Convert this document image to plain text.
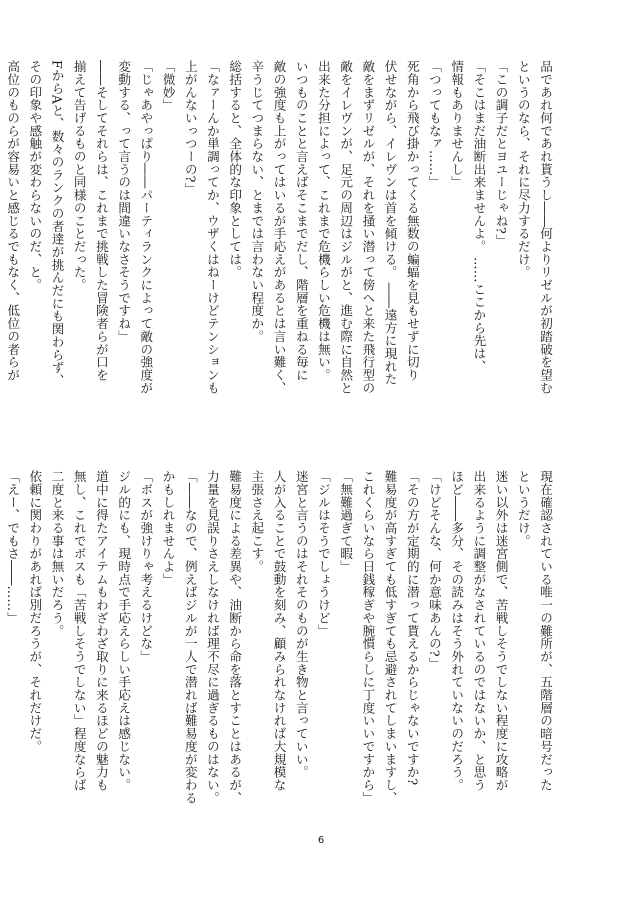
品であれ何であれ貰うし――何よりリゼルが初踏破を望む

というのなら、それに尽力するだけ。

「この調子だとヨユーじゃね?」

「そこはまだ油断出来ませんよ。 ……ここから先は、

情報もありませんし」

「つってもなァ……」

死角から飛び掛かってくる無数の蝙蝠を見もせずに切り

伏せながら、イレヴンは首を傾ける。 ――遠方に現れた

敵をまずリゼルが、それを掻い潜って傍へと来た飛行型の

敵をイレヴンが、足元の周辺はジルがと、進む際に自然と

出来た分担によって、これまで危機らしい危機は無い。

いつものことと言えばそこまでだし、階層を重ねる毎に

敵の強度も上がってはいるが手応えがあるとは言い難く、

辛うじてつまらない、とまでは言わない程度か。

総括すると、全体的な印象としては。

「なァーんか単調ってか、ウザくはねーけどテンションも

上がんないっつーの?」

「微妙」

「じゃあやっぱり――パーティランクによって敵の強度が

変動する、って言うのは間違いなさそうですね」

――そしてそれらは、これまで挑戦した冒険者らが口を

揃えて告げるものと同様のことだった。

FからAと、数々のランクの者達が挑んだにも関わらず、

その印象や感触が変わらないのだ、と。

高位のものらが容易いと感じるでもなく、低位の者らが

現在確認されている唯一の難所が、五階層の暗号だった

というだけ。

迷い以外は迷宮側で、苦戦しそうでしない程度に攻略が

出来るように調整がなされているのではないか、と思う

ほど――多分、その読みはそう外れていないのだろう。

「けどそんな、何か意味あんの?」

「その方が定期的に潜って貰えるからじゃないですか?

難易度が高すぎても低すぎても忌避されてしまいますし、

これくらいなら日銭稼ぎや腕慣らしに丁度いいですから」

「無難過ぎて暇」

「ジルはそうでしょうけど」

迷宮と言うのはそれそのものが生き物と言っていい。

人が入ることで鼓動を刻み、顧みられなければ大規模な

主張さえ起こす。

難易度による差異や、油断から命を落とすことはあるが、

力量を見誤りさえしなければ理不尽に過ぎるものはない。

「――なので、例えばジルが一人で潜れば難易度が変わる

かもしれませんよ」

「ボスが強けりゃ考えるけどな」

ジル的にも、現時点で手応えらしい手応えは感じない。

道中に得たアイテムもわざわざ取りに来るほどの魅力も

無し、これでボスも「苦戦しそうでしない」程度ならば

二度と来る事は無いだろう。

依頼に関わりがあれば別だろうが、それだけだ。

「えー、でもさ――……」

6
